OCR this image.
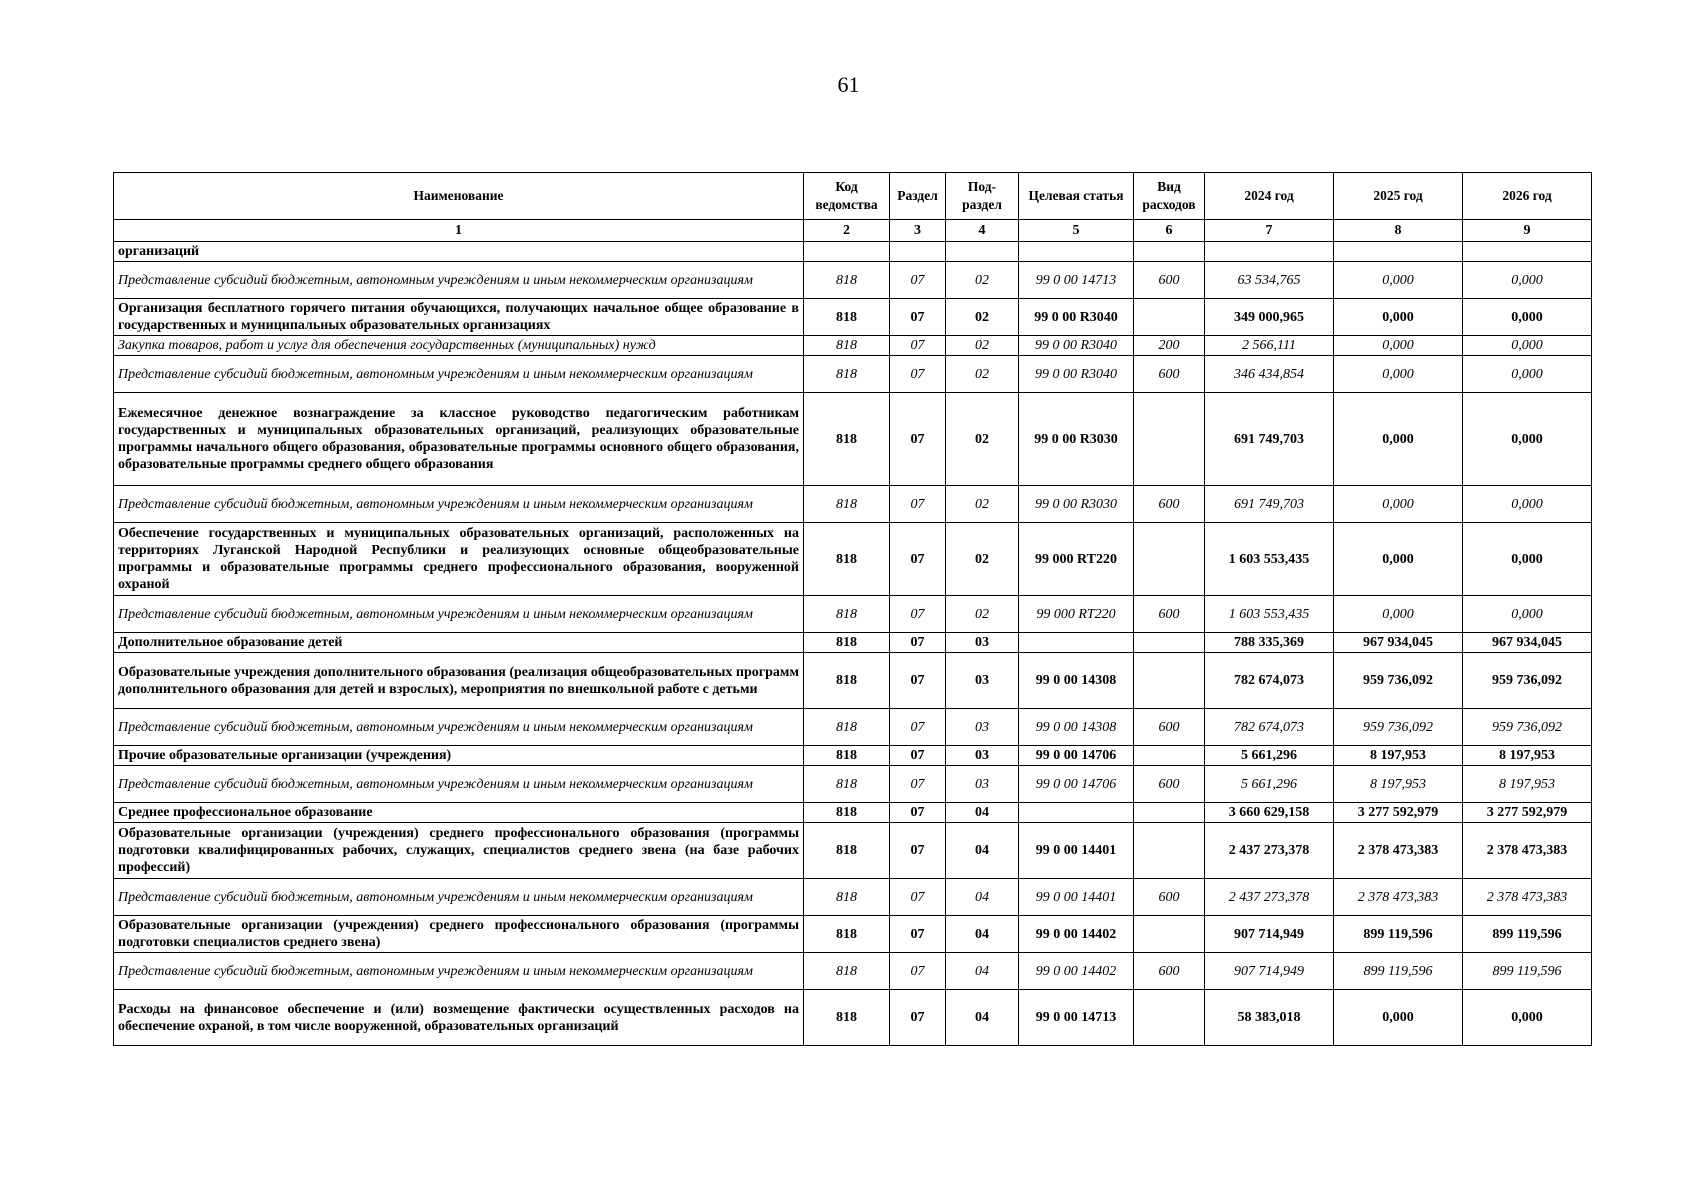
61
Наименование	Код ведомства	Раздел	Под-раздел	Целевая статья	Вид расходов	2024 год	2025 год	2026 год
1	2	3	4	5	6	7	8	9
организаций								
Представление субсидий бюджетным, автономным учреждениям и иным некоммерческим организациям	818	07	02	99 0 00 14713	600	63 534,765	0,000	0,000
Организация бесплатного горячего питания обучающихся, получающих начальное общее образование в государственных и муниципальных образовательных организациях	818	07	02	99 0 00 R3040		349 000,965	0,000	0,000
Закупка товаров, работ и услуг для обеспечения государственных (муниципальных) нужд	818	07	02	99 0 00 R3040	200	2 566,111	0,000	0,000
Представление субсидий бюджетным, автономным учреждениям и иным некоммерческим организациям	818	07	02	99 0 00 R3040	600	346 434,854	0,000	0,000
Ежемесячное денежное вознаграждение за классное руководство педагогическим работникам государственных и муниципальных образовательных организаций, реализующих образовательные программы начального общего образования, образовательные программы основного общего образования, образовательные программы среднего общего образования	818	07	02	99 0 00 R3030		691 749,703	0,000	0,000
Представление субсидий бюджетным, автономным учреждениям и иным некоммерческим организациям	818	07	02	99 0 00 R3030	600	691 749,703	0,000	0,000
Обеспечение государственных и муниципальных образовательных организаций, расположенных на территориях Луганской Народной Республики и реализующих основные общеобразовательные программы и образовательные программы среднего профессионального образования, вооруженной охраной	818	07	02	99 000 RT220		1 603 553,435	0,000	0,000
Представление субсидий бюджетным, автономным учреждениям и иным некоммерческим организациям	818	07	02	99 000 RT220	600	1 603 553,435	0,000	0,000
Дополнительное образование детей	818	07	03			788 335,369	967 934,045	967 934,045
Образовательные учреждения дополнительного образования (реализация общеобразовательных программ дополнительного образования для детей и взрослых), мероприятия по внешкольной работе с детьми	818	07	03	99 0 00 14308		782 674,073	959 736,092	959 736,092
Представление субсидий бюджетным, автономным учреждениям и иным некоммерческим организациям	818	07	03	99 0 00 14308	600	782 674,073	959 736,092	959 736,092
Прочие образовательные организации (учреждения)	818	07	03	99 0 00 14706		5 661,296	8 197,953	8 197,953
Представление субсидий бюджетным, автономным учреждениям и иным некоммерческим организациям	818	07	03	99 0 00 14706	600	5 661,296	8 197,953	8 197,953
Среднее профессиональное образование	818	07	04			3 660 629,158	3 277 592,979	3 277 592,979
Образовательные организации (учреждения) среднего профессионального образования (программы подготовки квалифицированных рабочих, служащих, специалистов среднего звена (на базе рабочих профессий)	818	07	04	99 0 00 14401		2 437 273,378	2 378 473,383	2 378 473,383
Представление субсидий бюджетным, автономным учреждениям и иным некоммерческим организациям	818	07	04	99 0 00 14401	600	2 437 273,378	2 378 473,383	2 378 473,383
Образовательные организации (учреждения) среднего профессионального образования (программы подготовки специалистов среднего звена)	818	07	04	99 0 00 14402		907 714,949	899 119,596	899 119,596
Представление субсидий бюджетным, автономным учреждениям и иным некоммерческим организациям	818	07	04	99 0 00 14402	600	907 714,949	899 119,596	899 119,596
Расходы на финансовое обеспечение и (или) возмещение фактически осуществленных расходов на обеспечение охраной, в том числе вооруженной, образовательных организаций	818	07	04	99 0 00 14713		58 383,018	0,000	0,000
